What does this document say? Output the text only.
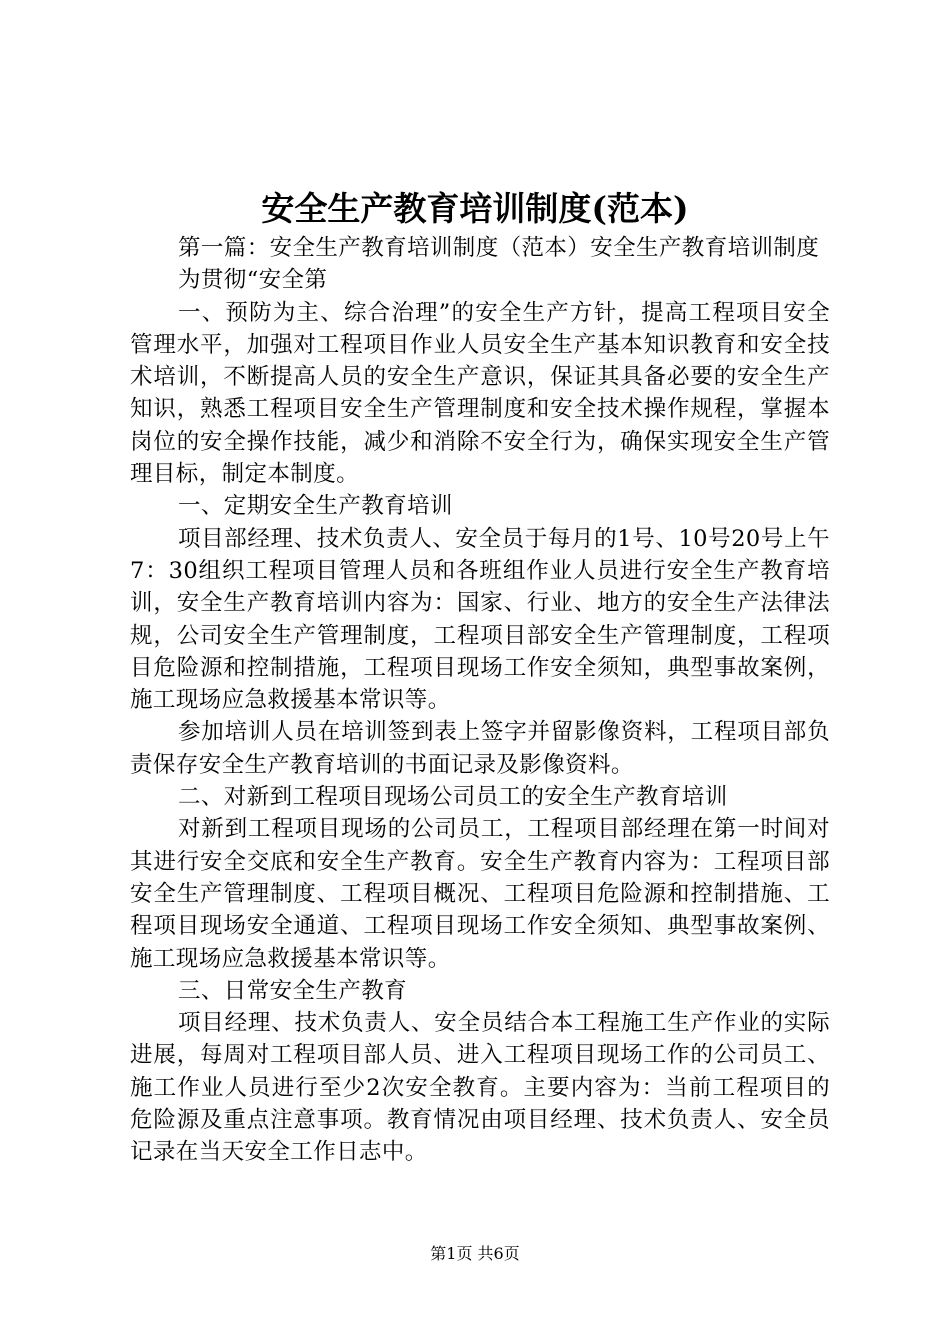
安全生产教育培训制度(范本)

第一篇：安全生产教育培训制度（范本）安全生产教育培训制度

为贯彻“安全第

一、预防为主、综合治理”的安全生产方针，提高工程项目安全管理水平，加强对工程项目作业人员安全生产基本知识教育和安全技术培训，不断提高人员的安全生产意识，保证其具备必要的安全生产知识，熟悉工程项目安全生产管理制度和安全技术操作规程，掌握本岗位的安全操作技能，减少和消除不安全行为，确保实现安全生产管理目标，制定本制度。

一、定期安全生产教育培训

项目部经理、技术负责人、安全员于每月的1号、10号20号上午7：30组织工程项目管理人员和各班组作业人员进行安全生产教育培训，安全生产教育培训内容为：国家、行业、地方的安全生产法律法规，公司安全生产管理制度，工程项目部安全生产管理制度，工程项目危险源和控制措施，工程项目现场工作安全须知，典型事故案例，施工现场应急救援基本常识等。

参加培训人员在培训签到表上签字并留影像资料，工程项目部负责保存安全生产教育培训的书面记录及影像资料。

二、对新到工程项目现场公司员工的安全生产教育培训

对新到工程项目现场的公司员工，工程项目部经理在第一时间对其进行安全交底和安全生产教育。安全生产教育内容为：工程项目部安全生产管理制度、工程项目概况、工程项目危险源和控制措施、工程项目现场安全通道、工程项目现场工作安全须知、典型事故案例、施工现场应急救援基本常识等。

三、日常安全生产教育

项目经理、技术负责人、安全员结合本工程施工生产作业的实际进展，每周对工程项目部人员、进入工程项目现场工作的公司员工、施工作业人员进行至少2次安全教育。主要内容为：当前工程项目的危险源及重点注意事项。教育情况由项目经理、技术负责人、安全员记录在当天安全工作日志中。

第1页 共6页
